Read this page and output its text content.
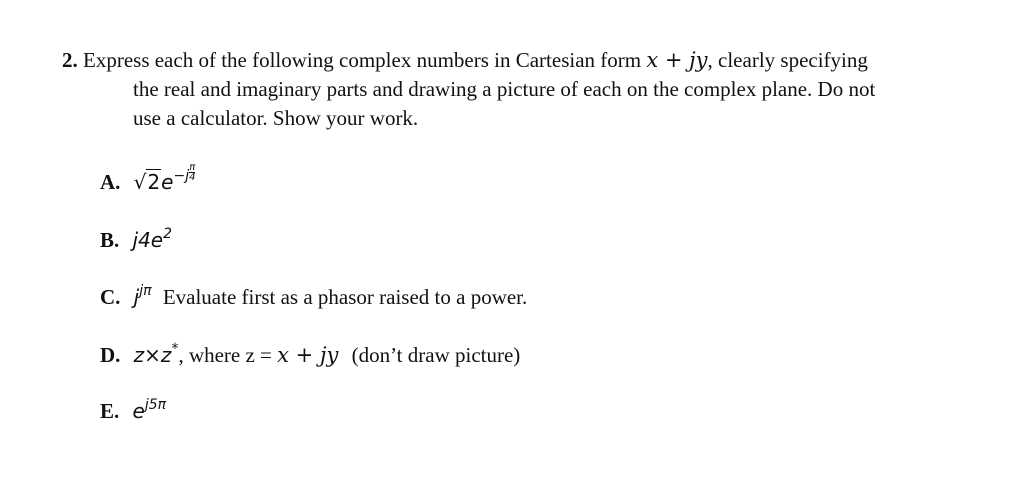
2. Express each of the following complex numbers in Cartesian form x + jy, clearly specifying
the real and imaginary parts and drawing a picture of each on the complex plane. Do not
use a calculator. Show your work.
A. $√2e^{-j} \frac{\pi}{4}$
B. $j4e^2$
C. $j^{j\pi}$ Evaluate first as a phasor raised to a power.
D. z×z*, where z = x + jy (don’t draw picture)
E. $e^{j5\pi}$
